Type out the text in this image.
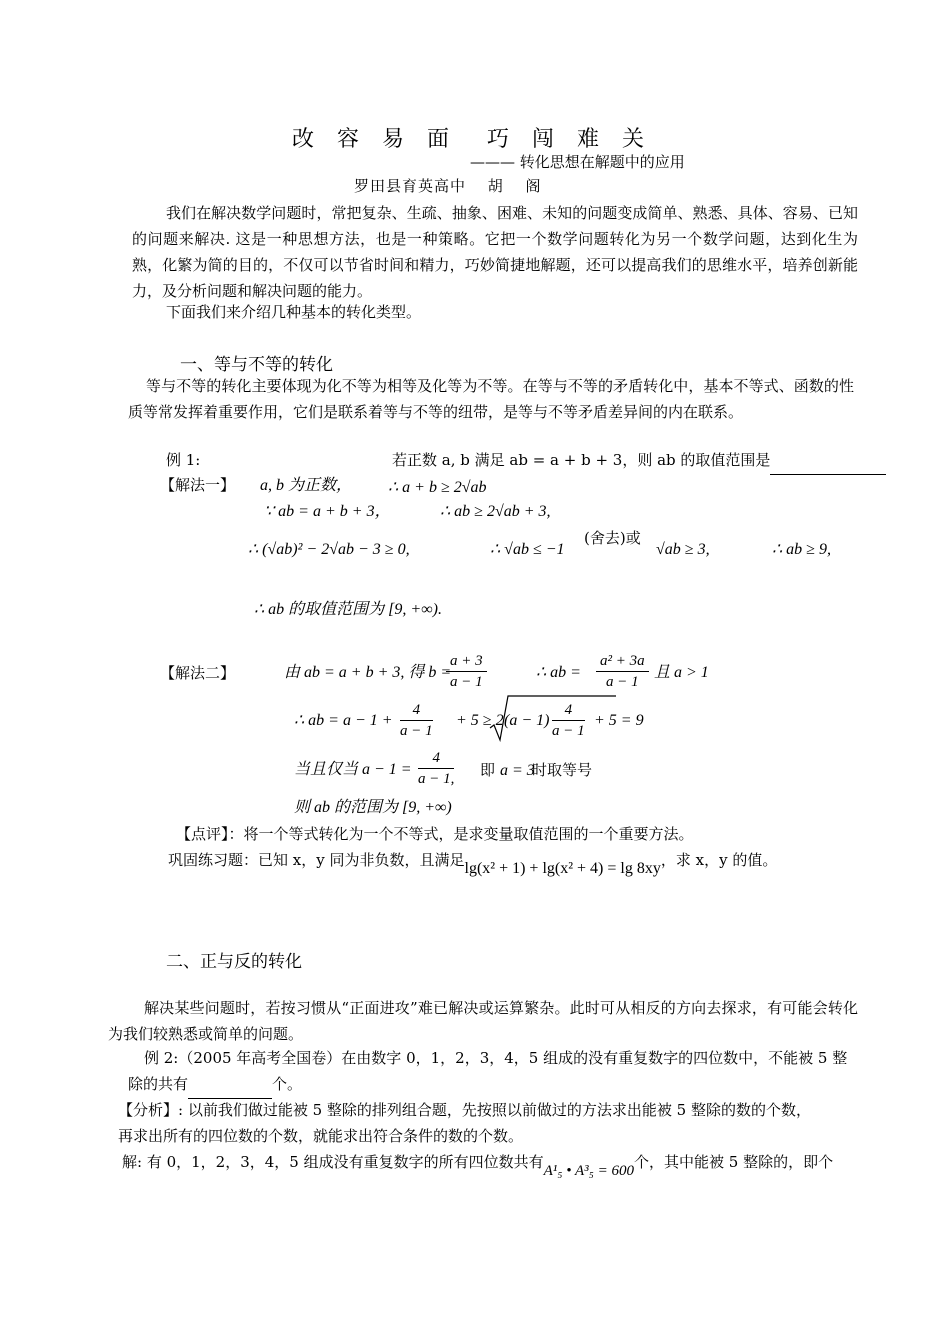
改 容 易 面　巧 闯 难 关
——— 转化思想在解题中的应用
罗田县育英高中　 胡　 阁
我们在解决数学问题时，常把复杂、生疏、抽象、困难、未知的问题变成简单、熟悉、具体、容易、已知的问题来解决. 这是一种思想方法，也是一种策略。它把一个数学问题转化为另一个数学问题，达到化生为熟，化繁为简的目的，不仅可以节省时间和精力，巧妙简捷地解题，还可以提高我们的思维水平，培养创新能力，及分析问题和解决问题的能力。
下面我们来介绍几种基本的转化类型。
一、等与不等的转化
等与不等的转化主要体现为化不等为相等及化等为不等。在等与不等的矛盾转化中，基本不等式、函数的性质等常发挥着重要作用，它们是联系着等与不等的纽带，是等与不等矛盾差异间的内在联系。
例 1:	若正数 a, b 满足 ab = a + b + 3，则 ab 的取值范围是
【解法一】 a, b 为正数， ∴ a + b ≥ 2√ab
∵ ab = a + b + 3，	∴ ab ≥ 2√ab + 3,
∴ (√ab)² − 2√ab − 3 ≥ 0,	∴ √ab ≤ −1
(舍去)或
√ab ≥ 3,	∴ ab ≥ 9,
∴ ab 的取值范围为 [9, +∞).
【解法二】	由 ab = a + b + 3, 得 b =
$\frac{a + 3}{a - 1}$	∴ ab = $\frac{\text{a² + 3a}}{a - 1}$ 且 a > 1
∴ ab = $a - 1 + \frac{4}{a - 1} + 5 \ge 2$ $(a - 1) \frac{4}{a - 1} + 5 = 9$
当且仅当 $a - 1 = \frac{4}{a - 1,}$ 即 a = 3
时取等号
则 ab 的范围为 [9, +∞)
【点评】：将一个等式转化为一个不等式，是求变量取值范围的一个重要方法。
巩固练习题：已知 x，y 同为非负数，且满足lg(x² + 1) + lg(x² + 4) = lg 8xy，求 x，y 的值。
二、正与反的转化
解决某些问题时，若按习惯从“正面进攻”难已解决或运算繁杂。此时可从相反的方向去探求，有可能会转化为我们较熟悉或简单的问题。
例 2:（2005 年高考全国卷）在由数字 0，1，2，3，4，5 组成的没有重复数字的四位数中，不能被 5 整
除的共有	个。
【分析】: 以前我们做过能被 5 整除的排列组合题，先按照以前做过的方法求出能被 5 整除的数的个数，
再求出所有的四位数的个数，就能求出符合条件的数的个数。
解: 有 0，1，2，3，4，5 组成没有重复数字的所有四位数共有A¹₅ • A³₅ = 600个，其中能被 5 整除的，即个
